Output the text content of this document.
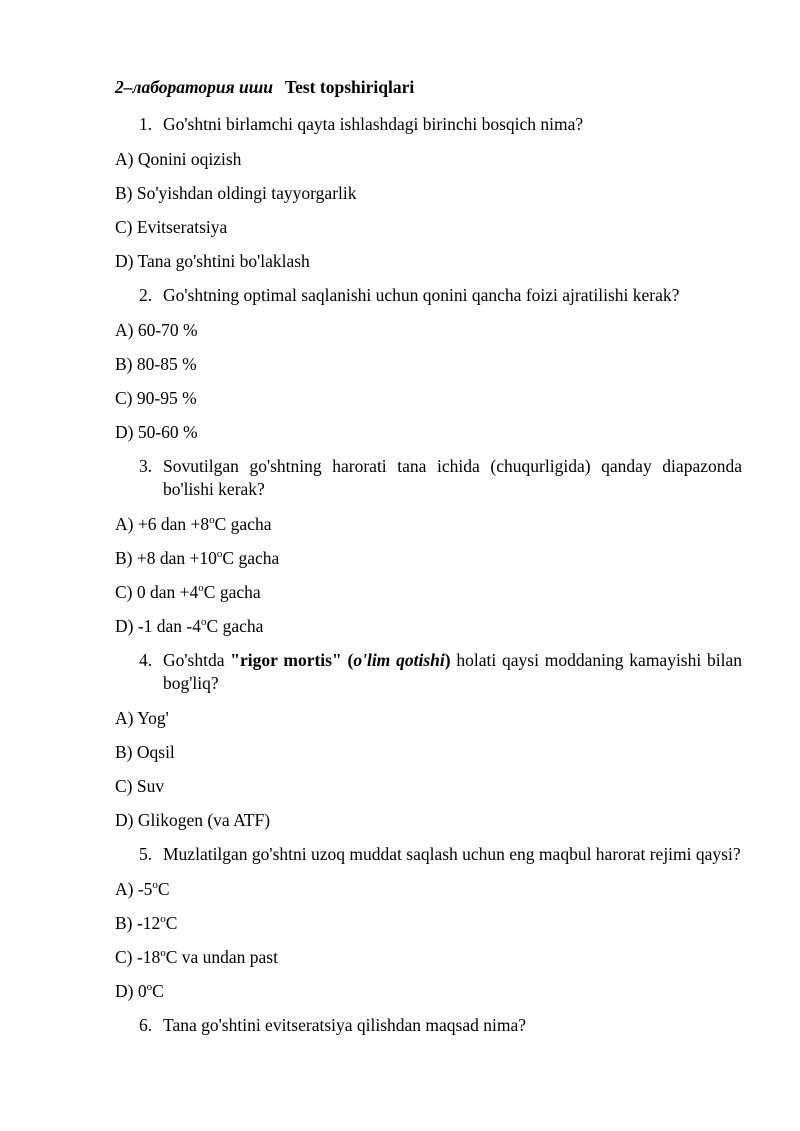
2–лаборатория иши Test topshiriqlari
1. Go'shtni birlamchi qayta ishlashdagi birinchi bosqich nima?
A) Qonini oqizish
B) So'yishdan oldingi tayyorgarlik
C) Evitseratsiya
D) Tana go'shtini bo'laklash
2. Go'shtning optimal saqlanishi uchun qonini qancha foizi ajratilishi kerak?
A) 60-70 %
B) 80-85 %
C) 90-95 %
D) 50-60 %
3. Sovutilgan go'shtning harorati tana ichida (chuqurligida) qanday diapazonda bo'lishi kerak?
A) +6 dan $+8^oC$ gacha
B) +8 dan $+10^oC$ gacha
C) 0 dan $+4^oC$ gacha
D) -1 dan -4$^o$C gacha
4. Go'shtda "rigor mortis" (o'lim qotishi) holati qaysi moddaning kamayishi bilan bog'liq?
A) Yog'
B) Oqsil
C) Suv
D) Glikogen (va ATF)
5. Muzlatilgan go'shtni uzoq muddat saqlash uchun eng maqbul harorat rejimi qaysi?
A) -5$^o$C
B) -12$^o$C
C) -18$^o$C va undan past
D) 0$^o$C
6. Tana go'shtini evitseratsiya qilishdan maqsad nima?
